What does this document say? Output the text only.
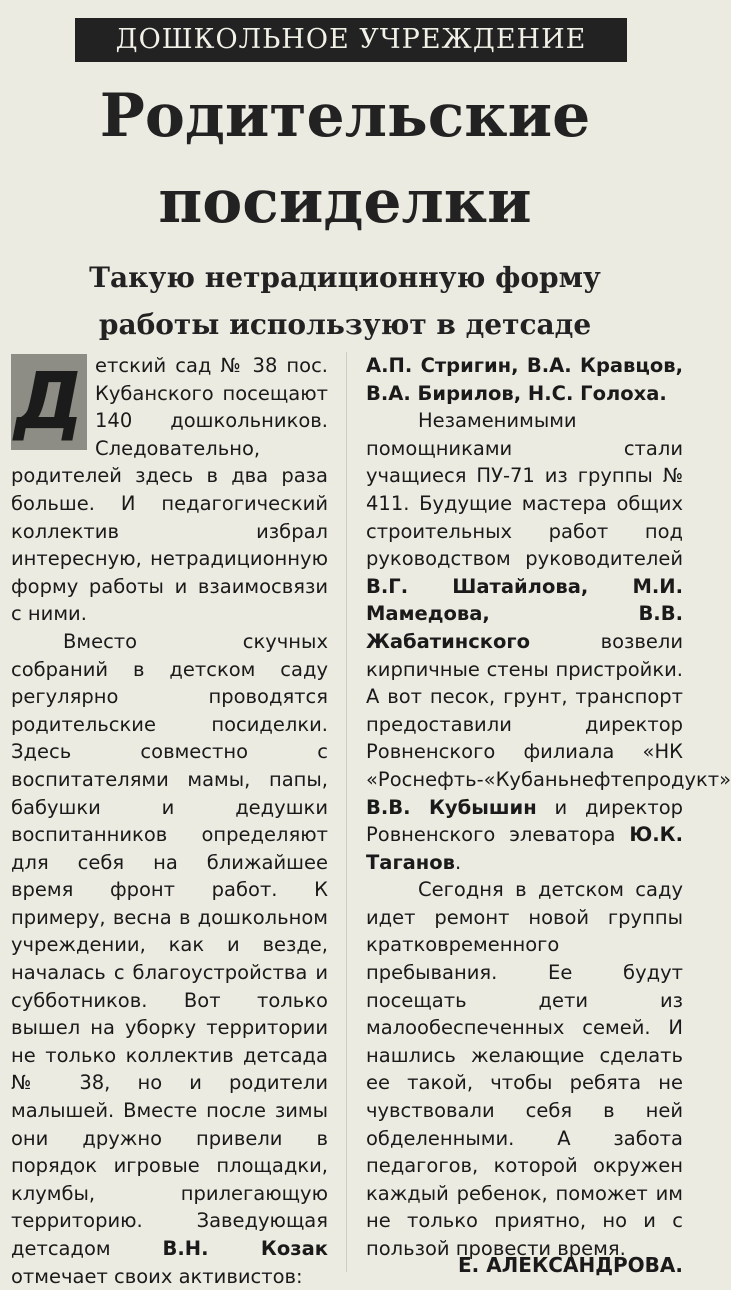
ДОШКОЛЬНОЕ УЧРЕЖДЕНИЕ
Родительские
посиделки
Такую нетрадиционную форму
работы используют в детсаде
Д етский сад № 38 пос. Кубанского посещают 140 дошкольников. Следовательно, родителей здесь в два раза больше. И педагогический коллектив избрал интересную, нетрадиционную форму работы и взаимосвязи с ними.

Вместо скучных собраний в детском саду регулярно проводятся родительские посиделки. Здесь совместно с воспитателями мамы, папы, бабушки и дедушки воспитанников определяют для себя на ближайшее время фронт работ. К примеру, весна в дошкольном учреждении, как и везде, началась с благоустройства и субботников. Вот только вышел на уборку территории не только коллектив детсада № 38, но и родители малышей. Вместе после зимы они дружно привели в порядок игровые площадки, клумбы, прилегающую территорию. Заведующая детсадом	В.Н. Козак отмечает своих активистов:

А.П. Стригин, В.А. Кравцов, В.А. Бирилов, Н.С. Голоха.

Незаменимыми помощниками стали учащиеся ПУ-71 из группы № 411. Будущие мастера общих строительных работ под руководством руководителей В.Г. Шатайлова, М.И. Мамедова, В.В. Жабатинского	возвели кирпичные стены пристройки. А вот песок, грунт, транспорт предоставили директор Ровненского филиала «НК «Роснефть-«Кубаньнефтепродукт» В.В. Кубышин и директор Ровненского элеватора Ю.К. Таганов.

Сегодня в детском саду идет ремонт новой группы кратковременного пребывания. Ее будут посещать дети из малообеспеченных семей. И нашлись желающие сделать ее такой, чтобы ребята не чувствовали себя в ней обделенными. А забота педагогов, которой окружен каждый ребенок, поможет им не только приятно, но и с пользой провести время.

Е. АЛЕКСАНДРОВА.
